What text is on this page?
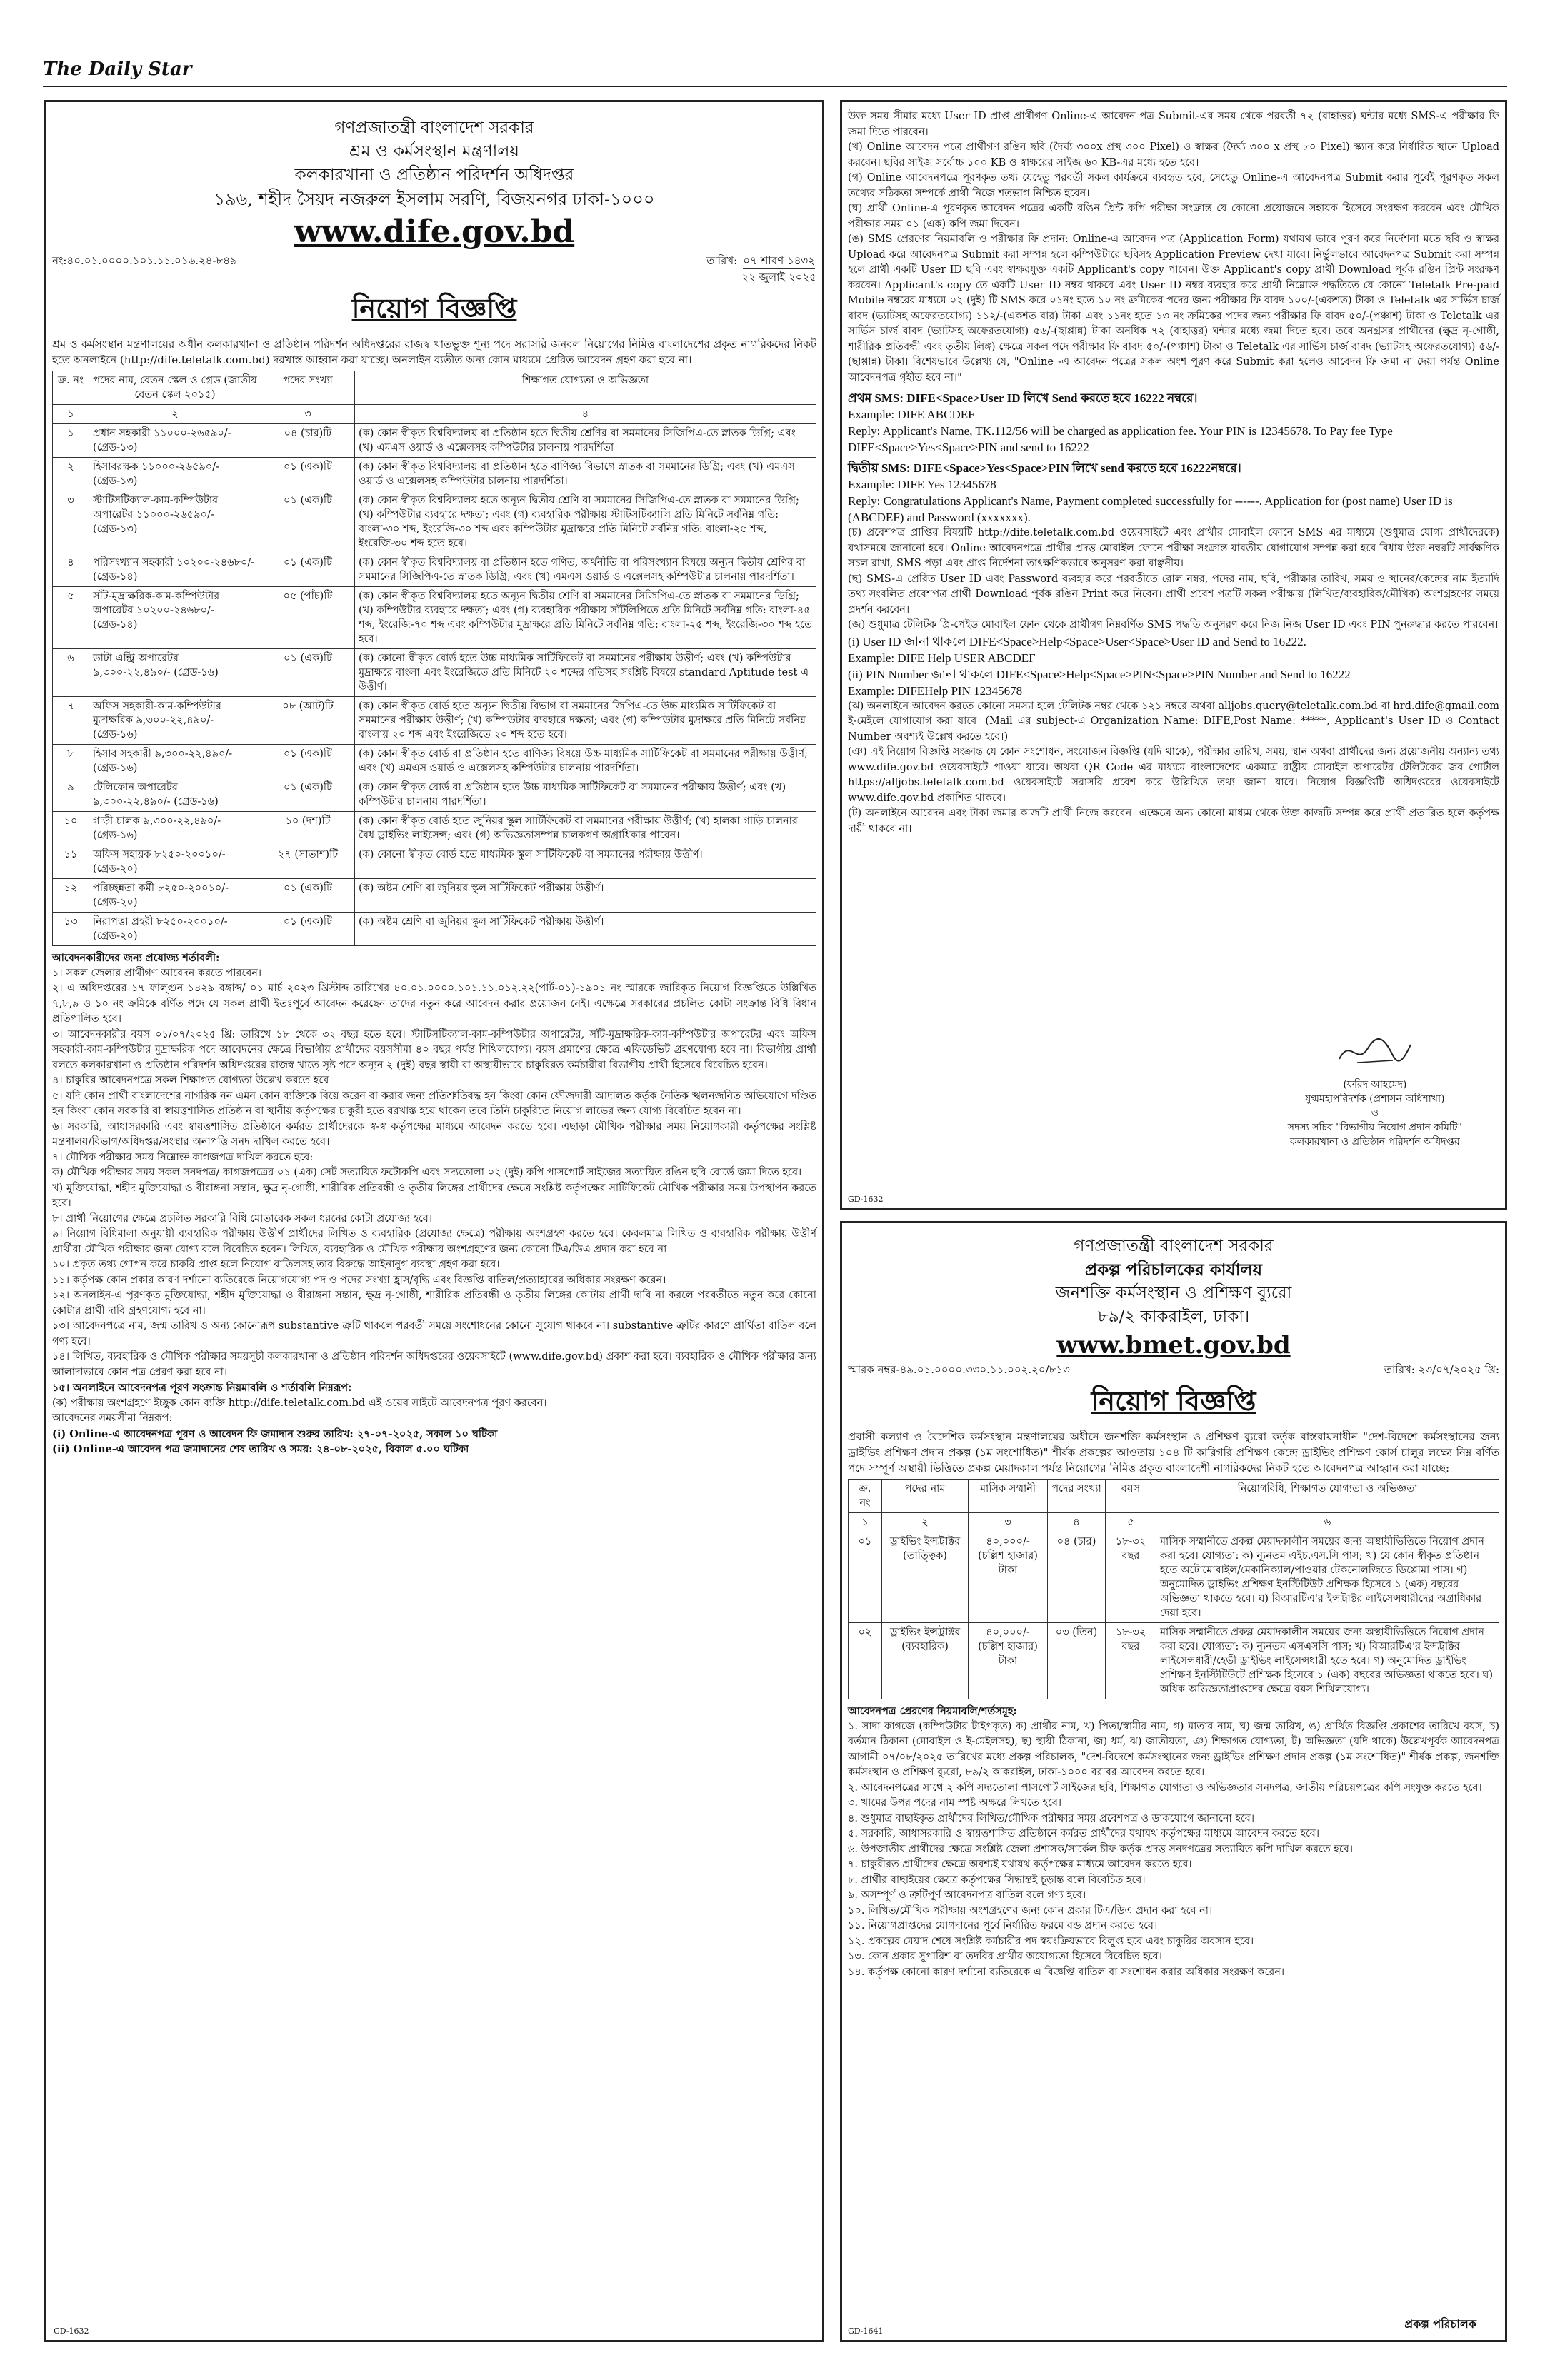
The Daily Star
গণপ্রজাতন্ত্রী বাংলাদেশ সরকার
শ্রম ও কর্মসংস্থান মন্ত্রণালয়
কলকারখানা ও প্রতিষ্ঠান পরিদর্শন অধিদপ্তর
১৯৬, শহীদ সৈয়দ নজরুল ইসলাম সরণি, বিজয়নগর ঢাকা-১০০০
www.dife.gov.bd
নং:৪০.০১.০০০০.১০১.১১.০১৬.২৪-৮৪৯	তারিখ: ০৭ শ্রাবণ ১৪৩২
২২ জুলাই ২০২৫
নিয়োগ বিজ্ঞপ্তি
শ্রম ও কর্মসংস্থান মন্ত্রণালয়ের অধীন কলকারখানা ও প্রতিষ্ঠান পরিদর্শন অধিদপ্তরের রাজস্ব খাতভুক্ত শূন্য পদে সরাসরি জনবল নিয়োগের নিমিত্ত বাংলাদেশের প্রকৃত নাগরিকদের নিকট হতে অনলাইনে (http://dife.teletalk.com.bd) দরখাস্ত আহ্বান করা যাচ্ছে। অনলাইন ব্যতীত অন্য কোন মাধ্যমে প্রেরিত আবেদন গ্রহণ করা হবে না।
ক্র. নং	পদের নাম, বেতন স্কেল ও গ্রেড (জাতীয় বেতন স্কেল ২০১৫)	পদের সংখ্যা	শিক্ষাগত যোগ্যতা ও অভিজ্ঞতা
১	২	৩	৪
১	প্রধান সহকারী ১১০০০-২৬৫৯০/- (গ্রেড-১৩)	০৪ (চার)টি	(ক) কোন স্বীকৃত বিশ্ববিদ্যালয় বা প্রতিষ্ঠান হতে দ্বিতীয় শ্রেণির বা সমমানের সিজিপিএ-তে স্নাতক ডিগ্রি; এবং (খ) এমএস ওয়ার্ড ও এক্সেলসহ কম্পিউটার চালনায় পারদর্শিতা।
২	হিসাবরক্ষক ১১০০০-২৬৫৯০/- (গ্রেড-১৩)	০১ (এক)টি	(ক) কোন স্বীকৃত বিশ্ববিদ্যালয় বা প্রতিষ্ঠান হতে বাণিজ্য বিভাগে স্নাতক বা সমমানের ডিগ্রি; এবং (খ) এমএস ওয়ার্ড ও এক্সেলসহ কম্পিউটার চালনায় পারদর্শিতা।
৩	স্টাটিসটিক্যাল-কাম-কম্পিউটার অপারেটর ১১০০০-২৬৫৯০/- (গ্রেড-১৩)	০১ (এক)টি	(ক) কোন স্বীকৃত বিশ্ববিদ্যালয় হতে অন্যূন দ্বিতীয় শ্রেণি বা সমমানের সিজিপিএ-তে স্নাতক বা সমমানের ডিগ্রি; (খ) কম্পিউটার ব্যবহারে দক্ষতা; এবং (গ) ব্যবহারিক পরীক্ষায় স্টাটিসটিক্যালি প্রতি মিনিটে সর্বনিম্ন গতি: বাংলা-৩০ শব্দ, ইংরেজি-৩০ শব্দ এবং কম্পিউটার মুদ্রাক্ষরে প্রতি মিনিটে সর্বনিম্ন গতি: বাংলা-২৫ শব্দ, ইংরেজি-৩০ শব্দ হতে হবে।
৪	পরিসংখ্যান সহকারী ১০২০০-২৪৬৮০/- (গ্রেড-১৪)	০১ (এক)টি	(ক) কোন স্বীকৃত বিশ্ববিদ্যালয় বা প্রতিষ্ঠান হতে গণিত, অর্থনীতি বা পরিসংখ্যান বিষয়ে অন্যূন দ্বিতীয় শ্রেণির বা সমমানের সিজিপিএ-তে স্নাতক ডিগ্রি; এবং (খ) এমএস ওয়ার্ড ও এক্সেলসহ কম্পিউটার চালনায় পারদর্শিতা।
৫	সাঁট-মুদ্রাক্ষরিক-কাম-কম্পিউটার অপারেটর ১০২০০-২৪৬৮০/- (গ্রেড-১৪)	০৫ (পাঁচ)টি	(ক) কোন স্বীকৃত বিশ্ববিদ্যালয় হতে অন্যূন দ্বিতীয় শ্রেণি বা সমমানের সিজিপিএ-তে স্নাতক বা সমমানের ডিগ্রি; (খ) কম্পিউটার ব্যবহারে দক্ষতা; এবং (গ) ব্যবহারিক পরীক্ষায় সাঁটলিপিতে প্রতি মিনিটে সর্বনিম্ন গতি: বাংলা-৪৫ শব্দ, ইংরেজি-৭০ শব্দ এবং কম্পিউটার মুদ্রাক্ষরে প্রতি মিনিটে সর্বনিম্ন গতি: বাংলা-২৫ শব্দ, ইংরেজি-৩০ শব্দ হতে হবে।
৬	ডাটা এন্ট্রি অপারেটর ৯,৩০০-২২,৪৯০/- (গ্রেড-১৬)	০১ (এক)টি	(ক) কোনো স্বীকৃত বোর্ড হতে উচ্চ মাধ্যমিক সার্টিফিকেট বা সমমানের পরীক্ষায় উত্তীর্ণ; এবং (খ) কম্পিউটার মুদ্রাক্ষরে বাংলা এবং ইংরেজিতে প্রতি মিনিটে ২০ শব্দের গতিসহ সংশ্লিষ্ট বিষয়ে standard Aptitude test এ উত্তীর্ণ।
৭	অফিস সহকারী-কাম-কম্পিউটার মুদ্রাক্ষরিক ৯,৩০০-২২,৪৯০/- (গ্রেড-১৬)	০৮ (আট)টি	(ক) কোন স্বীকৃত বোর্ড হতে অন্যূন দ্বিতীয় বিভাগ বা সমমানের জিপিএ-তে উচ্চ মাধ্যমিক সার্টিফিকেট বা সমমানের পরীক্ষায় উত্তীর্ণ; (খ) কম্পিউটার ব্যবহারে দক্ষতা; এবং (গ) কম্পিউটার মুদ্রাক্ষরে প্রতি মিনিটে সর্বনিম্ন বাংলায় ২০ শব্দ এবং ইংরেজিতে ২০ শব্দ হতে হবে।
৮	হিসাব সহকারী ৯,৩০০-২২,৪৯০/- (গ্রেড-১৬)	০১ (এক)টি	(ক) কোন স্বীকৃত বোর্ড বা প্রতিষ্ঠান হতে বাণিজ্য বিষয়ে উচ্চ মাধ্যমিক সার্টিফিকেট বা সমমানের পরীক্ষায় উত্তীর্ণ; এবং (খ) এমএস ওয়ার্ড ও এক্সেলসহ কম্পিউটার চালনায় পারদর্শিতা।
৯	টেলিফোন অপারেটর ৯,৩০০-২২,৪৯০/- (গ্রেড-১৬)	০১ (এক)টি	(ক) কোন স্বীকৃত বোর্ড বা প্রতিষ্ঠান হতে উচ্চ মাধ্যমিক সার্টিফিকেট বা সমমানের পরীক্ষায় উত্তীর্ণ; এবং (খ) কম্পিউটার চালনায় পারদর্শিতা।
১০	গাড়ী চালক ৯,৩০০-২২,৪৯০/- (গ্রেড-১৬)	১০ (দশ)টি	(ক) কোন স্বীকৃত বোর্ড হতে জুনিয়র স্কুল সার্টিফিকেট বা সমমানের পরীক্ষায় উত্তীর্ণ; (খ) হালকা গাড়ি চালনার বৈধ ড্রাইভিং লাইসেন্স; এবং (গ) অভিজ্ঞতাসম্পন্ন চালকগণ অগ্রাধিকার পাবেন।
১১	অফিস সহায়ক ৮২৫০-২০০১০/- (গ্রেড-২০)	২৭ (সাতাশ)টি	(ক) কোনো স্বীকৃত বোর্ড হতে মাধ্যমিক স্কুল সার্টিফিকেট বা সমমানের পরীক্ষায় উত্তীর্ণ।
১২	পরিচ্ছন্নতা কর্মী ৮২৫০-২০০১০/- (গ্রেড-২০)	০১ (এক)টি	(ক) অষ্টম শ্রেণি বা জুনিয়র স্কুল সার্টিফিকেট পরীক্ষায় উত্তীর্ণ।
১৩	নিরাপত্তা প্রহরী ৮২৫০-২০০১০/- (গ্রেড-২০)	০১ (এক)টি	(ক) অষ্টম শ্রেণি বা জুনিয়র স্কুল সার্টিফিকেট পরীক্ষায় উত্তীর্ণ।
আবেদনকারীদের জন্য প্রযোজ্য শর্তাবলী:
১। সকল জেলার প্রার্থীগণ আবেদন করতে পারবেন।
২। এ অধিদপ্তরের ১৭ ফাল্গুন ১৪২৯ বঙ্গাব্দ/ ০১ মার্চ ২০২৩ খ্রিস্টাব্দ তারিখের ৪০.০১.০০০০.১০১.১১.০১২.২২(পার্ট-০১)-১৯০১ নং স্মারকে জারিকৃত নিয়োগ বিজ্ঞপ্তিতে উল্লিখিত ৭,৮,৯ ও ১০ নং ক্রমিকে বর্ণিত পদে যে সকল প্রার্থী ইতঃপূর্বে আবেদন করেছেন তাদের নতুন করে আবেদন করার প্রয়োজন নেই। এক্ষেত্রে সরকারের প্রচলিত কোটা সংক্রান্ত বিধি বিধান প্রতিপালিত হবে।
৩। আবেদনকারীর বয়স ০১/০৭/২০২৫ খ্রি: তারিখে ১৮ থেকে ৩২ বছর হতে হবে। স্টাটিসটিক্যাল-কাম-কম্পিউটার অপারেটর, সাঁট-মুদ্রাক্ষরিক-কাম-কম্পিউটার অপারেটর এবং অফিস সহকারী-কাম-কম্পিউটার মুদ্রাক্ষরিক পদে আবেদনের ক্ষেত্রে বিভাগীয় প্রার্থীদের বয়সসীমা ৪০ বছর পর্যন্ত শিথিলযোগ্য। বয়স প্রমাণের ক্ষেত্রে এফিডেভিট গ্রহণযোগ্য হবে না। বিভাগীয় প্রার্থী বলতে কলকারখানা ও প্রতিষ্ঠান পরিদর্শন অধিদপ্তরের রাজস্ব খাতে সৃষ্ট পদে অন্যূন ২ (দুই) বছর স্থায়ী বা অস্থায়ীভাবে চাকুরিরত কর্মচারীরা বিভাগীয় প্রার্থী হিসেবে বিবেচিত হবেন।
৪। চাকুরির আবেদনপত্রে সকল শিক্ষাগত যোগ্যতা উল্লেখ করতে হবে।
৫। যদি কোন প্রার্থী বাংলাদেশের নাগরিক নন এমন কোন ব্যক্তিকে বিয়ে করেন বা করার জন্য প্রতিশ্রুতিবদ্ধ হন কিংবা কোন ফৌজদারী আদালত কর্তৃক নৈতিক স্খলনজনিত অভিযোগে দণ্ডিত হন কিংবা কোন সরকারি বা স্বায়ত্তশাসিত প্রতিষ্ঠান বা স্থানীয় কর্তৃপক্ষের চাকুরী হতে বরখাস্ত হয়ে থাকেন তবে তিনি চাকুরিতে নিয়োগ লাভের জন্য যোগ্য বিবেচিত হবেন না।
৬। সরকারি, আধাসরকারি এবং স্বায়ত্তশাসিত প্রতিষ্ঠানে কর্মরত প্রার্থীদেরকে স্ব-স্ব কর্তৃপক্ষের মাধ্যমে আবেদন করতে হবে। এছাড়া মৌখিক পরীক্ষার সময় নিয়োগকারী কর্তৃপক্ষের সংশ্লিষ্ট মন্ত্রণালয়/বিভাগ/অধিদপ্তর/সংস্থার অনাপত্তি সনদ দাখিল করতে হবে।
৭। মৌখিক পরীক্ষার সময় নিম্নোক্ত কাগজপত্র দাখিল করতে হবে:
ক) মৌখিক পরীক্ষার সময় সকল সনদপত্র/ কাগজপত্রের ০১ (এক) সেট সত্যায়িত ফটোকপি এবং সদ্যতোলা ০২ (দুই) কপি পাসপোর্ট সাইজের সত্যায়িত রঙিন ছবি বোর্ডে জমা দিতে হবে।
খ) মুক্তিযোদ্ধা, শহীদ মুক্তিযোদ্ধা ও বীরাঙ্গনা সন্তান, ক্ষুদ্র নৃ-গোষ্ঠী, শারীরিক প্রতিবন্ধী ও তৃতীয় লিঙ্গের প্রার্থীদের ক্ষেত্রে সংশ্লিষ্ট কর্তৃপক্ষের সার্টিফিকেট মৌখিক পরীক্ষার সময় উপস্থাপন করতে হবে।
৮। প্রার্থী নিয়োগের ক্ষেত্রে প্রচলিত সরকারি বিধি মোতাবেক সকল ধরনের কোটা প্রযোজ্য হবে।
৯। নিয়োগ বিধিমালা অনুযায়ী ব্যবহারিক পরীক্ষায় উত্তীর্ণ প্রার্থীদের লিখিত ও ব্যবহারিক (প্রযোজ্য ক্ষেত্রে) পরীক্ষায় অংশগ্রহণ করতে হবে। কেবলমাত্র লিখিত ও ব্যবহারিক পরীক্ষায় উত্তীর্ণ প্রার্থীরা মৌখিক পরীক্ষার জন্য যোগ্য বলে বিবেচিত হবেন। লিখিত, ব্যবহারিক ও মৌখিক পরীক্ষায় অংশগ্রহণের জন্য কোনো টিএ/ডিএ প্রদান করা হবে না।
১০। প্রকৃত তথ্য গোপন করে চাকরি প্রাপ্ত হলে নিয়োগ বাতিলসহ তার বিরুদ্ধে আইনানুগ ব্যবস্থা গ্রহণ করা হবে।
১১। কর্তৃপক্ষ কোন প্রকার কারণ দর্শানো ব্যতিরেকে নিয়োগযোগ্য পদ ও পদের সংখ্যা হ্রাস/বৃদ্ধি এবং বিজ্ঞপ্তি বাতিল/প্রত্যাহারের অধিকার সংরক্ষণ করেন।
১২। অনলাইন-এ পূরণকৃত মুক্তিযোদ্ধা, শহীদ মুক্তিযোদ্ধা ও বীরাঙ্গনা সন্তান, ক্ষুদ্র নৃ-গোষ্ঠী, শারীরিক প্রতিবন্ধী ও তৃতীয় লিঙ্গের কোটায় প্রার্থী দাবি না করলে পরবর্তীতে নতুন করে কোনো কোটার প্রার্থী দাবি গ্রহণযোগ্য হবে না।
১৩। আবেদনপত্রে নাম, জন্ম তারিখ ও অন্য কোনোরূপ substantive ত্রুটি থাকলে পরবর্তী সময়ে সংশোধনের কোনো সুযোগ থাকবে না। substantive ত্রুটির কারণে প্রার্থিতা বাতিল বলে গণ্য হবে।
১৪। লিখিত, ব্যবহারিক ও মৌখিক পরীক্ষার সময়সূচী কলকারখানা ও প্রতিষ্ঠান পরিদর্শন অধিদপ্তরের ওয়েবসাইটে (www.dife.gov.bd) প্রকাশ করা হবে। ব্যবহারিক ও মৌখিক পরীক্ষার জন্য আলাদাভাবে কোন পত্র প্রেরণ করা হবে না।
১৫। অনলাইনে আবেদনপত্র পূরণ সংক্রান্ত নিয়মাবলি ও শর্তাবলি নিম্নরূপ:
(ক) পরীক্ষায় অংশগ্রহণে ইচ্ছুক কোন ব্যক্তি http://dife.teletalk.com.bd এই ওয়েব সাইটে আবেদনপত্র পূরণ করবেন।
আবেদনের সময়সীমা নিম্নরূপ:
(i) Online-এ আবেদনপত্র পূরণ ও আবেদন ফি জমাদান শুরুর তারিখ: ২৭-০৭-২০২৫, সকাল ১০ ঘটিকা
(ii) Online-এ আবেদন পত্র জমাদানের শেষ তারিখ ও সময়: ২৪-০৮-২০২৫, বিকাল ৫.০০ ঘটিকা
GD-1632
উক্ত সময় সীমার মধ্যে User ID প্রাপ্ত প্রার্থীগণ Online-এ আবেদন পত্র Submit-এর সময় থেকে পরবর্তী ৭২ (বাহাত্তর) ঘন্টার মধ্যে SMS-এ পরীক্ষার ফি জমা দিতে পারবেন।
(খ) Online আবেদন পত্রে প্রার্থীগণ রঙিন ছবি (দৈর্ঘ্য ৩০০x প্রস্থ ৩০০ Pixel) ও স্বাক্ষর (দৈর্ঘ্য ৩০০ x প্রস্থ ৮০ Pixel) স্ক্যান করে নির্ধারিত স্থানে Upload করবেন। ছবির সাইজ সর্বোচ্চ ১০০ KB ও স্বাক্ষরের সাইজ ৬০ KB-এর মধ্যে হতে হবে।
(গ) Online আবেদনপত্রে পূরণকৃত তথ্য যেহেতু পরবর্তী সকল কার্যক্রমে ব্যবহৃত হবে, সেহেতু Online-এ আবেদনপত্র Submit করার পূর্বেই পূরণকৃত সকল তথ্যের সঠিকতা সম্পর্কে প্রার্থী নিজে শতভাগ নিশ্চিত হবেন।
(ঘ) প্রার্থী Online-এ পূরণকৃত আবেদন পত্রের একটি রঙিন প্রিন্ট কপি পরীক্ষা সংক্রান্ত যে কোনো প্রয়োজনে সহায়ক হিসেবে সংরক্ষণ করবেন এবং মৌখিক পরীক্ষার সময় ০১ (এক) কপি জমা দিবেন।
(ঙ) SMS প্রেরণের নিয়মাবলি ও পরীক্ষার ফি প্রদান: Online-এ আবেদন পত্র (Application Form) যথাযথ ভাবে পূরণ করে নির্দেশনা মতে ছবি ও স্বাক্ষর Upload করে আবেদনপত্র Submit করা সম্পন্ন হলে কম্পিউটারে ছবিসহ Application Preview দেখা যাবে। নির্ভুলভাবে আবেদনপত্র Submit করা সম্পন্ন হলে প্রার্থী একটি User ID ছবি এবং স্বাক্ষরযুক্ত একটি Applicant's copy পাবেন। উক্ত Applicant's copy প্রার্থী Download পূর্বক রঙিন প্রিন্ট সংরক্ষণ করবেন। Applicant's copy তে একটি User ID নম্বর থাকবে এবং User ID নম্বর ব্যবহার করে প্রার্থী নিম্নোক্ত পদ্ধতিতে যে কোনো Teletalk Pre-paid Mobile নম্বরের মাধ্যমে ০২ (দুই) টি SMS করে ০১নং হতে ১০ নং ক্রমিকের পদের জন্য পরীক্ষার ফি বাবদ ১০০/-(একশত) টাকা ও Teletalk এর সার্ভিস চার্জ বাবদ (ভ্যাটসহ অফেরতযোগ্য) ১১২/-(একশত বার) টাকা এবং ১১নং হতে ১৩ নং ক্রমিকের পদের জন্য পরীক্ষার ফি বাবদ ৫০/-(পঞ্চাশ) টাকা ও Teletalk এর সার্ভিস চার্জ বাবদ (ভ্যাটসহ অফেরতযোগ্য) ৫৬/-(ছাপ্পান্ন) টাকা অনধিক ৭২ (বাহাত্তর) ঘন্টার মধ্যে জমা দিতে হবে। তবে অনগ্রসর প্রার্থীদের (ক্ষুদ্র নৃ-গোষ্ঠী, শারীরিক প্রতিবন্ধী এবং তৃতীয় লিঙ্গ) ক্ষেত্রে সকল পদে পরীক্ষার ফি বাবদ ৫০/-(পঞ্চাশ) টাকা ও Teletalk এর সার্ভিস চার্জ বাবদ (ভ্যাটসহ অফেরতযোগ্য) ৫৬/-(ছাপ্পান্ন) টাকা। বিশেষভাবে উল্লেখ্য যে, "Online -এ আবেদন পত্রের সকল অংশ পূরণ করে Submit করা হলেও আবেদন ফি জমা না দেয়া পর্যন্ত Online আবেদনপত্র গৃহীত হবে না।"
প্রথম SMS: DIFE<Space>User ID লিখে Send করতে হবে 16222 নম্বরে।
Example: DIFE ABCDEF
Reply: Applicant's Name, TK.112/56 will be charged as application fee. Your PIN is 12345678. To Pay fee Type DIFE<Space>Yes<Space>PIN and send to 16222
দ্বিতীয় SMS: DIFE<Space>Yes<Space>PIN লিখে send করতে হবে 16222নম্বরে।
Example: DIFE Yes 12345678
Reply: Congratulations Applicant's Name, Payment completed successfully for ------. Application for (post name) User ID is (ABCDEF) and Password (xxxxxxx).
(চ) প্রবেশপত্র প্রাপ্তির বিষয়টি http://dife.teletalk.com.bd ওয়েবসাইটে এবং প্রার্থীর মোবাইল ফোনে SMS এর মাধ্যমে (শুধুমাত্র যোগ্য প্রার্থীদেরকে) যথাসময়ে জানানো হবে। Online আবেদনপত্রে প্রার্থীর প্রদত্ত মোবাইল ফোনে পরীক্ষা সংক্রান্ত যাবতীয় যোগাযোগ সম্পন্ন করা হবে বিধায় উক্ত নম্বরটি সার্বক্ষণিক সচল রাখা, SMS পড়া এবং প্রাপ্ত নির্দেশনা তাৎক্ষণিকভাবে অনুসরণ করা বাঞ্ছনীয়।
(ছ) SMS-এ প্রেরিত User ID এবং Password ব্যবহার করে পরবর্তীতে রোল নম্বর, পদের নাম, ছবি, পরীক্ষার তারিখ, সময় ও স্থানের/কেন্দ্রের নাম ইত্যাদি তথ্য সংবলিত প্রবেশপত্র প্রার্থী Download পূর্বক রঙিন Print করে নিবেন। প্রার্থী প্রবেশ পত্রটি সকল পরীক্ষায় (লিখিত/ব্যবহারিক/মৌখিক) অংশগ্রহণের সময়ে প্রদর্শন করবেন।
(জ) শুধুমাত্র টেলিটক প্রি-পেইড মোবাইল ফোন থেকে প্রার্থীগণ নিম্নবর্ণিত SMS পদ্ধতি অনুসরণ করে নিজ নিজ User ID এবং PIN পুনরুদ্ধার করতে পারবেন।
(i) User ID জানা থাকলে DIFE<Space>Help<Space>User<Space>User ID and Send to 16222.
Example: DIFE Help USER ABCDEF
(ii) PIN Number জানা থাকলে DIFE<Space>Help<Space>PIN<Space>PIN Number and Send to 16222
Example: DIFEHelp PIN 12345678
(ঝ) অনলাইনে আবেদন করতে কোনো সমস্যা হলে টেলিটক নম্বর থেকে ১২১ নম্বরে অথবা alljobs.query@teletalk.com.bd বা hrd.dife@gmail.com ই-মেইলে যোগাযোগ করা যাবে। (Mail এর subject-এ Organization Name: DIFE,Post Name: *****, Applicant's User ID ও Contact Number অবশ্যই উল্লেখ করতে হবে।)
(ঞ) এই নিয়োগ বিজ্ঞপ্তি সংক্রান্ত যে কোন সংশোধন, সংযোজন বিজ্ঞপ্তি (যদি থাকে), পরীক্ষার তারিখ, সময়, স্থান অথবা প্রার্থীদের জন্য প্রয়োজনীয় অন্যান্য তথ্য www.dife.gov.bd ওয়েবসাইটে পাওয়া যাবে। অথবা QR Code এর মাধ্যমে বাংলাদেশের একমাত্র রাষ্ট্রীয় মোবাইল অপারেটর টেলিটকের জব পোর্টাল https://alljobs.teletalk.com.bd ওয়েবসাইটে সরাসরি প্রবেশ করে উল্লিখিত তথ্য জানা যাবে। নিয়োগ বিজ্ঞপ্তিটি অধিদপ্তরের ওয়েবসাইটে www.dife.gov.bd প্রকাশিত থাকবে।
(ট) অনলাইনে আবেদন এবং টাকা জমার কাজটি প্রার্থী নিজে করবেন। এক্ষেত্রে অন্য কোনো মাধ্যম থেকে উক্ত কাজটি সম্পন্ন করে প্রার্থী প্রতারিত হলে কর্তৃপক্ষ দায়ী থাকবে না।
(ফরিদ আহমেদ)
যুগ্মমহাপরিদর্শক (প্রশাসন অধিশাখা)
ও
সদস্য সচিব "বিভাগীয় নিয়োগ প্রদান কমিটি"
কলকারখানা ও প্রতিষ্ঠান পরিদর্শন অধিদপ্তর
GD-1632
গণপ্রজাতন্ত্রী বাংলাদেশ সরকার
প্রকল্প পরিচালকের কার্যালয়
জনশক্তি কর্মসংস্থান ও প্রশিক্ষণ ব্যুরো
৮৯/২ কাকরাইল, ঢাকা।
www.bmet.gov.bd
স্মারক নম্বর-৪৯.০১.০০০০.৩৩০.১১.০০২.২০/৮১৩	তারিখ: ২৩/০৭/২০২৫ খ্রি:
নিয়োগ বিজ্ঞপ্তি
প্রবাসী কল্যাণ ও বৈদেশিক কর্মসংস্থান মন্ত্রণালয়ের অধীনে জনশক্তি কর্মসংস্থান ও প্রশিক্ষণ ব্যুরো কর্তৃক বাস্তবায়নাধীন "দেশ-বিদেশে কর্মসংস্থানের জন্য ড্রাইভিং প্রশিক্ষণ প্রদান প্রকল্প (১ম সংশোধিত)" শীর্ষক প্রকল্পের আওতায় ১০৪ টি কারিগরি প্রশিক্ষণ কেন্দ্রে ড্রাইভিং প্রশিক্ষণ কোর্স চালুর লক্ষ্যে নিম্ন বর্ণিত পদে সম্পূর্ণ অস্থায়ী ভিত্তিতে প্রকল্প মেয়াদকাল পর্যন্ত নিয়োগের নিমিত্ত প্রকৃত বাংলাদেশী নাগরিকদের নিকট হতে আবেদনপত্র আহ্বান করা যাচ্ছে:
ক্র. নং	পদের নাম	মাসিক সম্মানী	পদের সংখ্যা	বয়স	নিয়োগবিধি, শিক্ষাগত যোগ্যতা ও অভিজ্ঞতা
১	২	৩	৪	৫	৬
০১	ড্রাইভিং ইন্সট্রাক্টর (তাত্ত্বিক)	৪০,০০০/- (চল্লিশ হাজার) টাকা	০৪ (চার)	১৮-৩২ বছর	মাসিক সম্মানীতে প্রকল্প মেয়াদকালীন সময়ের জন্য অস্থায়ীভিত্তিতে নিয়োগ প্রদান করা হবে। যোগ্যতা: ক) ন্যূনতম এইচ.এস.সি পাস; খ) যে কোন স্বীকৃত প্রতিষ্ঠান হতে অটোমোবাইল/মেকানিক্যাল/পাওয়ার টেকনোলজিতে ডিপ্লোমা পাস। গ) অনুমোদিত ড্রাইভিং প্রশিক্ষণ ইনস্টিটিউট প্রশিক্ষক হিসেবে ১ (এক) বছরের অভিজ্ঞতা থাকতে হবে। ঘ) বিআরটিএ'র ইন্সট্রাক্টর লাইসেন্সধারীদের অগ্রাধিকার দেয়া হবে।
০২	ড্রাইভিং ইন্সট্রাক্টর (ব্যবহারিক)	৪০,০০০/- (চল্লিশ হাজার) টাকা	০৩ (তিন)	১৮-৩২ বছর	মাসিক সম্মানীতে প্রকল্প মেয়াদকালীন সময়ের জন্য অস্থায়ীভিত্তিতে নিয়োগ প্রদান করা হবে। যোগ্যতা: ক) ন্যূনতম এসএসসি পাস; খ) বিআরটিএ'র ইন্সট্রাক্টর লাইসেন্সধারী/হেভী ড্রাইভিং লাইসেন্সধারী হতে হবে। গ) অনুমোদিত ড্রাইভিং প্রশিক্ষণ ইনস্টিটিউটে প্রশিক্ষক হিসেবে ১ (এক) বছরের অভিজ্ঞতা থাকতে হবে। ঘ) অধিক অভিজ্ঞতাপ্রাপ্তদের ক্ষেত্রে বয়স শিথিলযোগ্য।
আবেদনপত্র প্রেরণের নিয়মাবলি/শর্তসমূহ:
১. সাদা কাগজে (কম্পিউটার টাইপকৃত) ক) প্রার্থীর নাম, খ) পিতা/স্বামীর নাম, গ) মাতার নাম, ঘ) জন্ম তারিখ, ঙ) প্রার্থিত বিজ্ঞপ্তি প্রকাশের তারিখে বয়স, চ) বর্তমান ঠিকানা (মোবাইল ও ই-মেইলসহ), ছ) স্থায়ী ঠিকানা, জ) ধর্ম, ঝ) জাতীয়তা, ঞ) শিক্ষাগত যোগ্যতা, ট) অভিজ্ঞতা (যদি থাকে) উল্লেখপূর্বক আবেদনপত্র আগামী ০৭/০৮/২০২৫ তারিখের মধ্যে প্রকল্প পরিচালক, "দেশ-বিদেশে কর্মসংস্থানের জন্য ড্রাইভিং প্রশিক্ষণ প্রদান প্রকল্প (১ম সংশোধিত)" শীর্ষক প্রকল্প, জনশক্তি কর্মসংস্থান ও প্রশিক্ষণ ব্যুরো, ৮৯/২ কাকরাইল, ঢাকা-১০০০ বরাবর আবেদন করতে হবে।
২. আবেদনপত্রের সাথে ২ কপি সদ্যতোলা পাসপোর্ট সাইজের ছবি, শিক্ষাগত যোগ্যতা ও অভিজ্ঞতার সনদপত্র, জাতীয় পরিচয়পত্রের কপি সংযুক্ত করতে হবে।
৩. খামের উপর পদের নাম স্পষ্ট অক্ষরে লিখতে হবে।
৪. শুধুমাত্র বাছাইকৃত প্রার্থীদের লিখিত/মৌখিক পরীক্ষার সময় প্রবেশপত্র ও ডাকযোগে জানানো হবে।
৫. সরকারি, আধাসরকারি ও স্বায়ত্তশাসিত প্রতিষ্ঠানে কর্মরত প্রার্থীদের যথাযথ কর্তৃপক্ষের মাধ্যমে আবেদন করতে হবে।
৬. উপজাতীয় প্রার্থীদের ক্ষেত্রে সংশ্লিষ্ট জেলা প্রশাসক/সার্কেল চীফ কর্তৃক প্রদত্ত সনদপত্রের সত্যায়িত কপি দাখিল করতে হবে।
৭. চাকুরীরত প্রার্থীদের ক্ষেত্রে অবশ্যই যথাযথ কর্তৃপক্ষের মাধ্যমে আবেদন করতে হবে।
৮. প্রার্থীর বাছাইয়ের ক্ষেত্রে কর্তৃপক্ষের সিদ্ধান্তই চূড়ান্ত বলে বিবেচিত হবে।
৯. অসম্পূর্ণ ও ত্রুটিপূর্ণ আবেদনপত্র বাতিল বলে গণ্য হবে।
১০. লিখিত/মৌখিক পরীক্ষায় অংশগ্রহণের জন্য কোন প্রকার টিএ/ডিএ প্রদান করা হবে না।
১১. নিয়োগপ্রাপ্তদের যোগদানের পূর্বে নির্ধারিত ফরমে বন্ড প্রদান করতে হবে।
১২. প্রকল্পের মেয়াদ শেষে সংশ্লিষ্ট কর্মচারীর পদ স্বয়ংক্রিয়ভাবে বিলুপ্ত হবে এবং চাকুরির অবসান হবে।
১৩. কোন প্রকার সুপারিশ বা তদবির প্রার্থীর অযোগ্যতা হিসেবে বিবেচিত হবে।
১৪. কর্তৃপক্ষ কোনো কারণ দর্শানো ব্যতিরেকে এ বিজ্ঞপ্তি বাতিল বা সংশোধন করার অধিকার সংরক্ষণ করেন।
GD-1641
প্রকল্প পরিচালক
